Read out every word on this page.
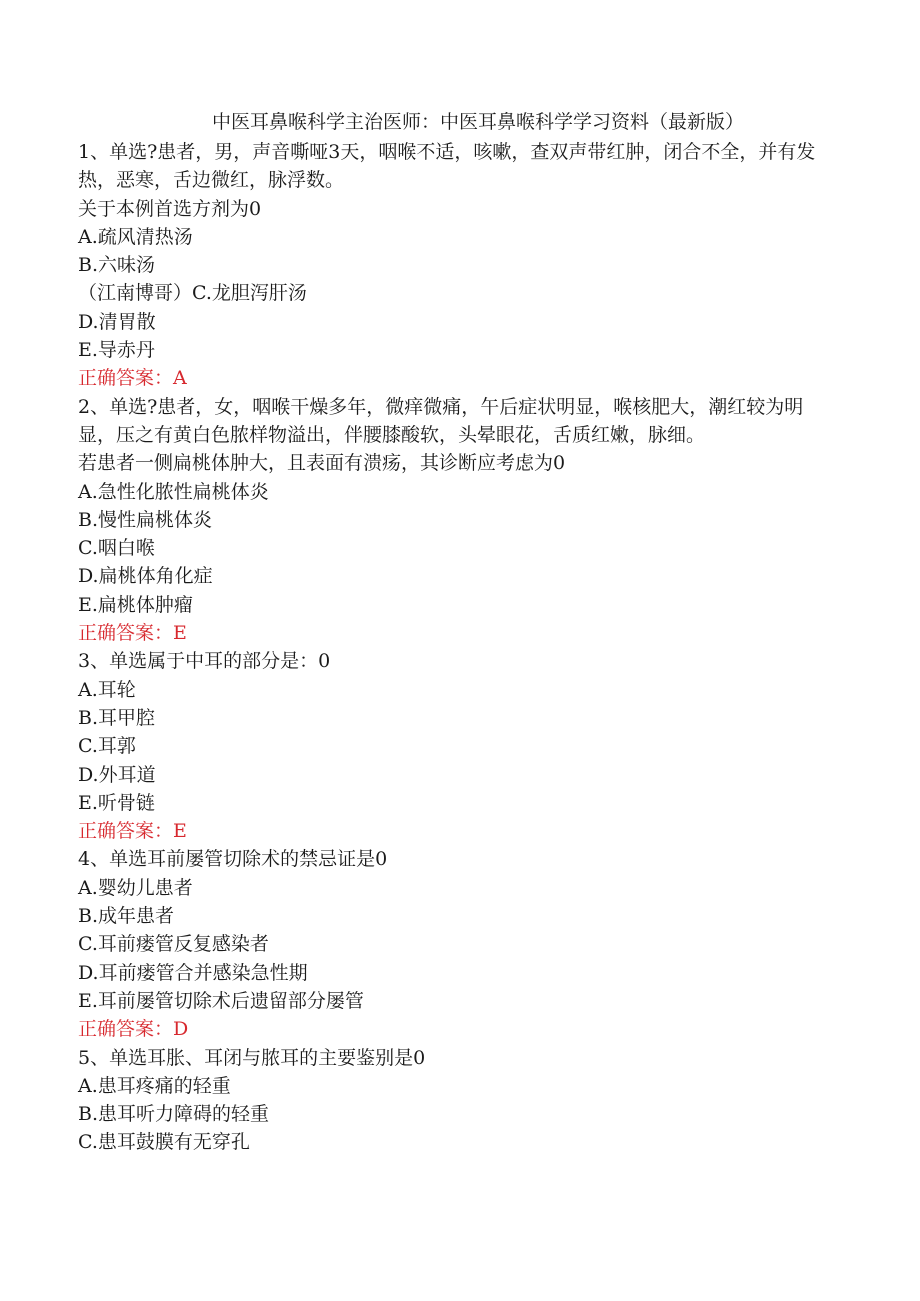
中医耳鼻喉科学主治医师：中医耳鼻喉科学学习资料（最新版）

1、单选?患者，男，声音嘶哑3天，咽喉不适，咳嗽，查双声带红肿，闭合不全，并有发热，恶寒，舌边微红，脉浮数。

关于本例首选方剂为0

A.疏风清热汤

B.六味汤

（江南博哥）C.龙胆泻肝汤

D.清胃散

E.导赤丹

正确答案：A

2、单选?患者，女，咽喉干燥多年，微痒微痛，午后症状明显，喉核肥大，潮红较为明显，压之有黄白色脓样物溢出，伴腰膝酸软，头晕眼花，舌质红嫩，脉细。

若患者一侧扁桃体肿大，且表面有溃疡，其诊断应考虑为0

A.急性化脓性扁桃体炎

B.慢性扁桃体炎

C.咽白喉

D.扁桃体角化症

E.扁桃体肿瘤

正确答案：E

3、单选属于中耳的部分是：0

A.耳轮

B.耳甲腔

C.耳郭

D.外耳道

E.听骨链

正确答案：E

4、单选耳前屡管切除术的禁忌证是0

A.婴幼儿患者

B.成年患者

C.耳前瘘管反复感染者

D.耳前瘘管合并感染急性期

E.耳前屡管切除术后遗留部分屡管

正确答案：D

5、单选耳胀、耳闭与脓耳的主要鉴别是0

A.患耳疼痛的轻重

B.患耳听力障碍的轻重

C.患耳鼓膜有无穿孔
